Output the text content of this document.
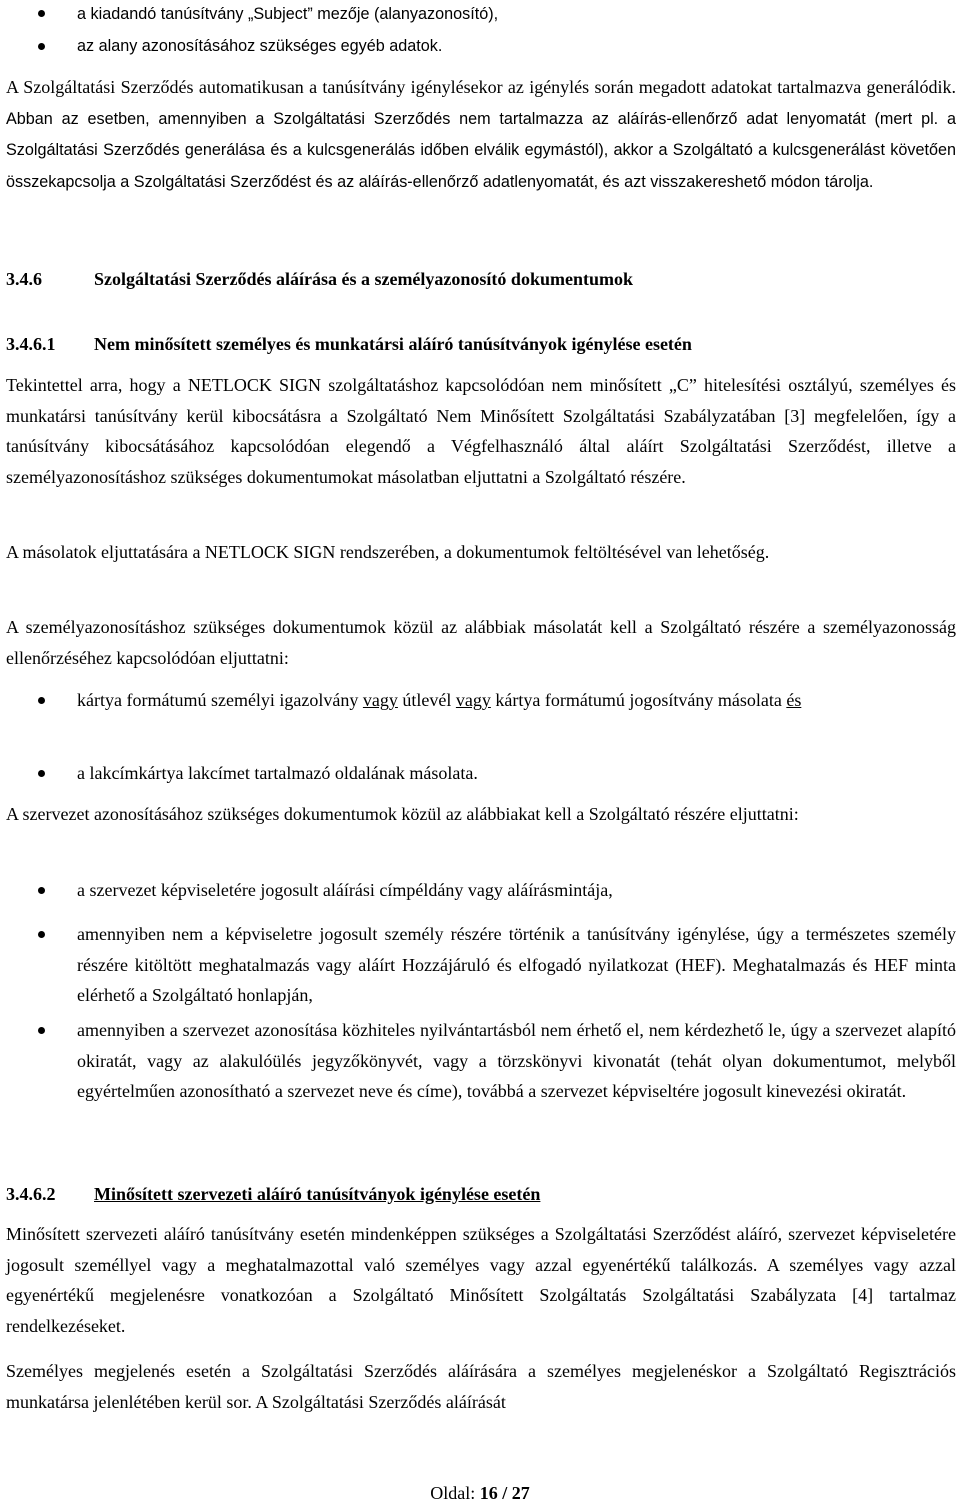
a kiadandó tanúsítvány „Subject” mezője (alanyazonosító),

az alany azonosításához szükséges egyéb adatok.

A Szolgáltatási Szerződés automatikusan a tanúsítvány igénylésekor az igénylés során megadott adatokat tartalmazva generálódik. Abban az esetben, amennyiben a Szolgáltatási Szerződés nem tartalmazza az aláírás-ellenőrző adat lenyomatát (mert pl. a Szolgáltatási Szerződés generálása és a kulcsgenerálás időben elválik egymástól), akkor a Szolgáltató a kulcsgenerálást követően összekapcsolja a Szolgáltatási Szerződést és az aláírás-ellenőrző adatlenyomatát, és azt visszakereshető módon tárolja.

3.4.6	Szolgáltatási Szerződés aláírása és a személyazonosító dokumentumok
3.4.6.1 Nem minősített személyes és munkatársi aláíró tanúsítványok igénylése esetén

Tekintettel arra, hogy a NETLOCK SIGN szolgáltatáshoz kapcsolódóan nem minősített „C” hitelesítési osztályú, személyes és munkatársi tanúsítvány kerül kibocsátásra a Szolgáltató Nem Minősített Szolgáltatási Szabályzatában [3] megfelelően, így a tanúsítvány kibocsátásához kapcsolódóan elegendő a Végfelhasználó által aláírt Szolgáltatási Szerződést, illetve a személyazonosításhoz szükséges dokumentumokat másolatban eljuttatni a Szolgáltató részére.

A másolatok eljuttatására a NETLOCK SIGN rendszerében, a dokumentumok feltöltésével van lehetőség.

A személyazonosításhoz szükséges dokumentumok közül az alábbiak másolatát kell a Szolgáltató részére a személyazonosság ellenőrzéséhez kapcsolódóan eljuttatni:

kártya formátumú személyi igazolvány vagy útlevél vagy kártya formátumú jogosítvány másolata és

a lakcímkártya lakcímet tartalmazó oldalának másolata.

A szervezet azonosításához szükséges dokumentumok közül az alábbiakat kell a Szolgáltató részére eljuttatni:

a szervezet képviseletére jogosult aláírási címpéldány vagy aláírásmintája,

amennyiben nem a képviseletre jogosult személy részére történik a tanúsítvány igénylése, úgy a természetes személy részére kitöltött meghatalmazás vagy aláírt Hozzájáruló és elfogadó nyilatkozat (HEF). Meghatalmazás és HEF minta elérhető a Szolgáltató honlapján,

amennyiben a szervezet azonosítása közhiteles nyilvántartásból nem érhető el, nem kérdezhető le, úgy a szervezet alapító okiratát, vagy az alakulóülés jegyzőkönyvét, vagy a törzskönyvi kivonatát (tehát olyan dokumentumot, melyből egyértelműen azonosítható a szervezet neve és címe), továbbá a szervezet képviseltére jogosult kinevezési okiratát.

3.4.6.2 Minősített szervezeti aláíró tanúsítványok igénylése esetén

Minősített szervezeti aláíró tanúsítvány esetén mindenképpen szükséges a Szolgáltatási Szerződést aláíró, szervezet képviseletére jogosult személlyel vagy a meghatalmazottal való személyes vagy azzal egyenértékű találkozás. A személyes vagy azzal egyenértékű megjelenésre vonatkozóan a Szolgáltató Minősített Szolgáltatás Szolgáltatási Szabályzata [4] tartalmaz rendelkezéseket.

Személyes megjelenés esetén a Szolgáltatási Szerződés aláírására a személyes megjelenéskor a Szolgáltató Regisztrációs munkatársa jelenlétében kerül sor. A Szolgáltatási Szerződés aláírását

Oldal: 16 / 27
